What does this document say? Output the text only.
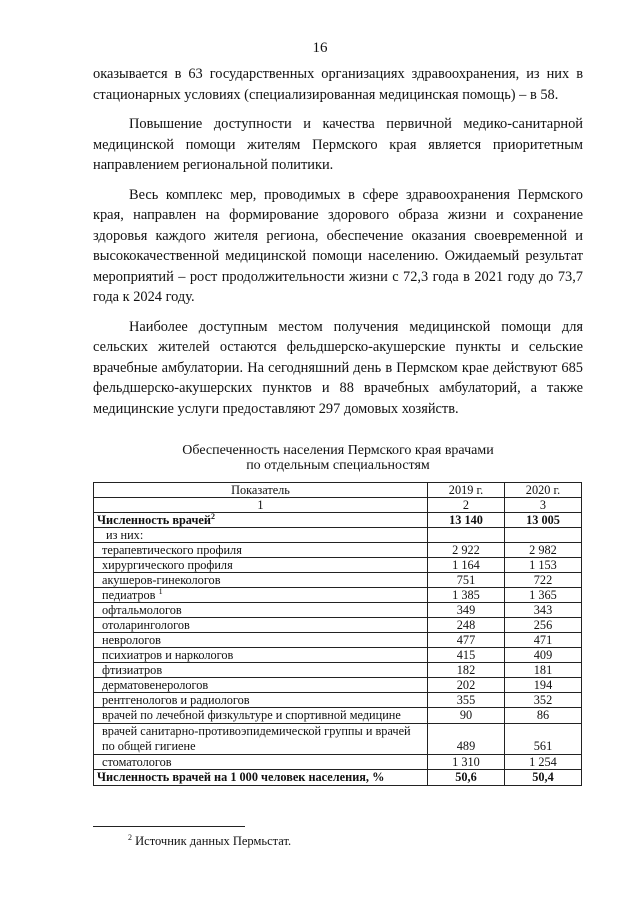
16

оказывается в 63 государственных организациях здравоохранения, из них в стационарных условиях (специализированная медицинская помощь) – в 58.

Повышение доступности и качества первичной медико-санитарной медицинской помощи жителям Пермского края является приоритетным направлением региональной политики.

Весь комплекс мер, проводимых в сфере здравоохранения Пермского края, направлен на формирование здорового образа жизни и сохранение здоровья каждого жителя региона, обеспечение оказания своевременной и высококачественной медицинской помощи населению. Ожидаемый результат мероприятий – рост продолжительности жизни с 72,3 года в 2021 году до 73,7 года к 2024 году.

Наиболее доступным местом получения медицинской помощи для сельских жителей остаются фельдшерско-акушерские пункты и сельские врачебные амбулатории. На сегодняшний день в Пермском крае действуют 685 фельдшерско-акушерских пунктов и 88 врачебных амбулаторий, а также медицинские услуги предоставляют 297 домовых хозяйств.

Обеспеченность населения Пермского края врачами
по отдельным специальностям
Показатель	2019 г.	2020 г.
1	2	3
Численность врачей$^2$	13 140	13 005
из них:		
терапевтического профиля	2 922	2 982
хирургического профиля	1 164	1 153
акушеров-гинекологов	751	722
педиатров $^1$	1 385	1 365
офтальмологов	349	343
отоларингологов	248	256
неврологов	477	471
психиатров и наркологов	415	409
фтизиатров	182	181
дерматовенерологов	202	194
рентгенологов и радиологов	355	352
врачей по лечебной физкультуре и спортивной медицине	90	86
врачей санитарно-противоэпидемической группы и врачей по общей гигиене	489	561
стоматологов	1 310	1 254
Численность врачей на 1 000 человек населения, %	50,6	50,4
$^2$ Источник данных Пермьстат.
